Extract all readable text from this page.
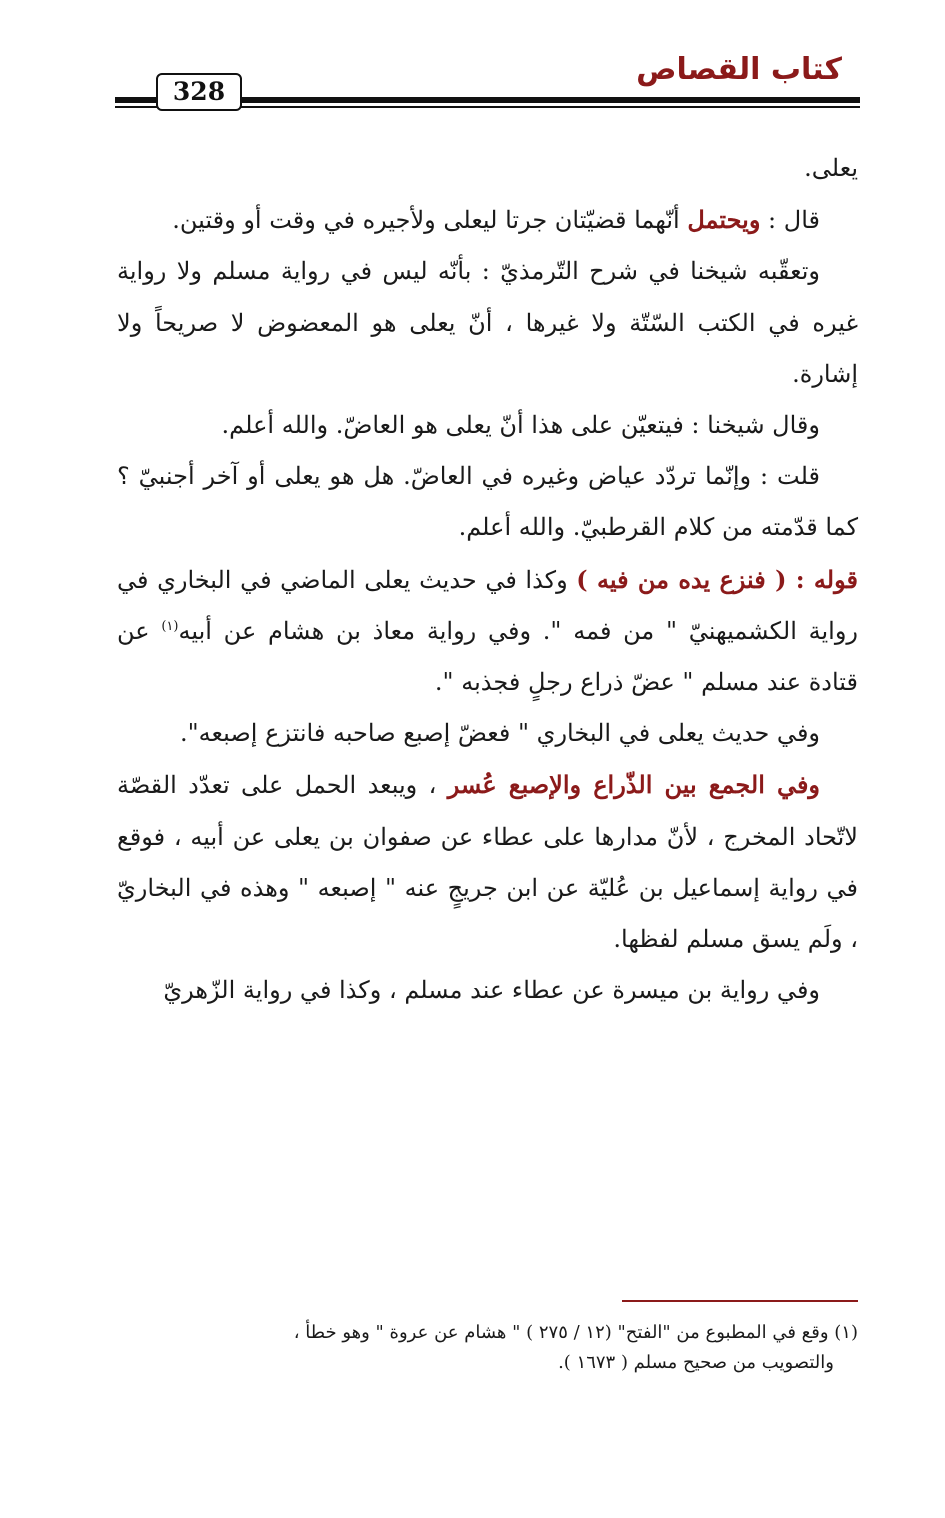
كتاب القصاص
328

يعلى.

قال : ويحتمل أنّهما قضيّتان جرتا ليعلى ولأجيره في وقت أو وقتين.

وتعقّبه شيخنا في شرح التّرمذيّ : بأنّه ليس في رواية مسلم ولا رواية غيره في الكتب السّتّة ولا غيرها ، أنّ يعلى هو المعضوض لا صريحاً ولا إشارة.

وقال شيخنا : فيتعيّن على هذا أنّ يعلى هو العاضّ. والله أعلم.

قلت : وإنّما تردّد عياض وغيره في العاضّ. هل هو يعلى أو آخر أجنبيّ ؟ كما قدّمته من كلام القرطبيّ. والله أعلم.

قوله : ( فنزع يده من فيه ) وكذا في حديث يعلى الماضي في البخاري في رواية الكشميهنيّ " من فمه ". وفي رواية معاذ بن هشام عن أبيه$^{(١)}$ عن قتادة عند مسلم " عضّ ذراع رجلٍ فجذبه ".

وفي حديث يعلى في البخاري " فعضّ إصبع صاحبه فانتزع إصبعه".

وفي الجمع بين الذّراع والإصبع عُسر ، ويبعد الحمل على تعدّد القصّة لاتّحاد المخرج ، لأنّ مدارها على عطاء عن صفوان بن يعلى عن أبيه ، فوقع في رواية إسماعيل بن عُليّة عن ابن جريجٍ عنه " إصبعه " وهذه في البخاريّ ، ولَم يسق مسلم لفظها.

وفي رواية بن ميسرة عن عطاء عند مسلم ، وكذا في رواية الزّهريّ

(١) وقع في المطبوع من "الفتح" (١٢ / ٢٧٥ ) " هشام عن عروة " وهو خطأ ،

والتصويب من صحيح مسلم ( ١٦٧٣ ).
